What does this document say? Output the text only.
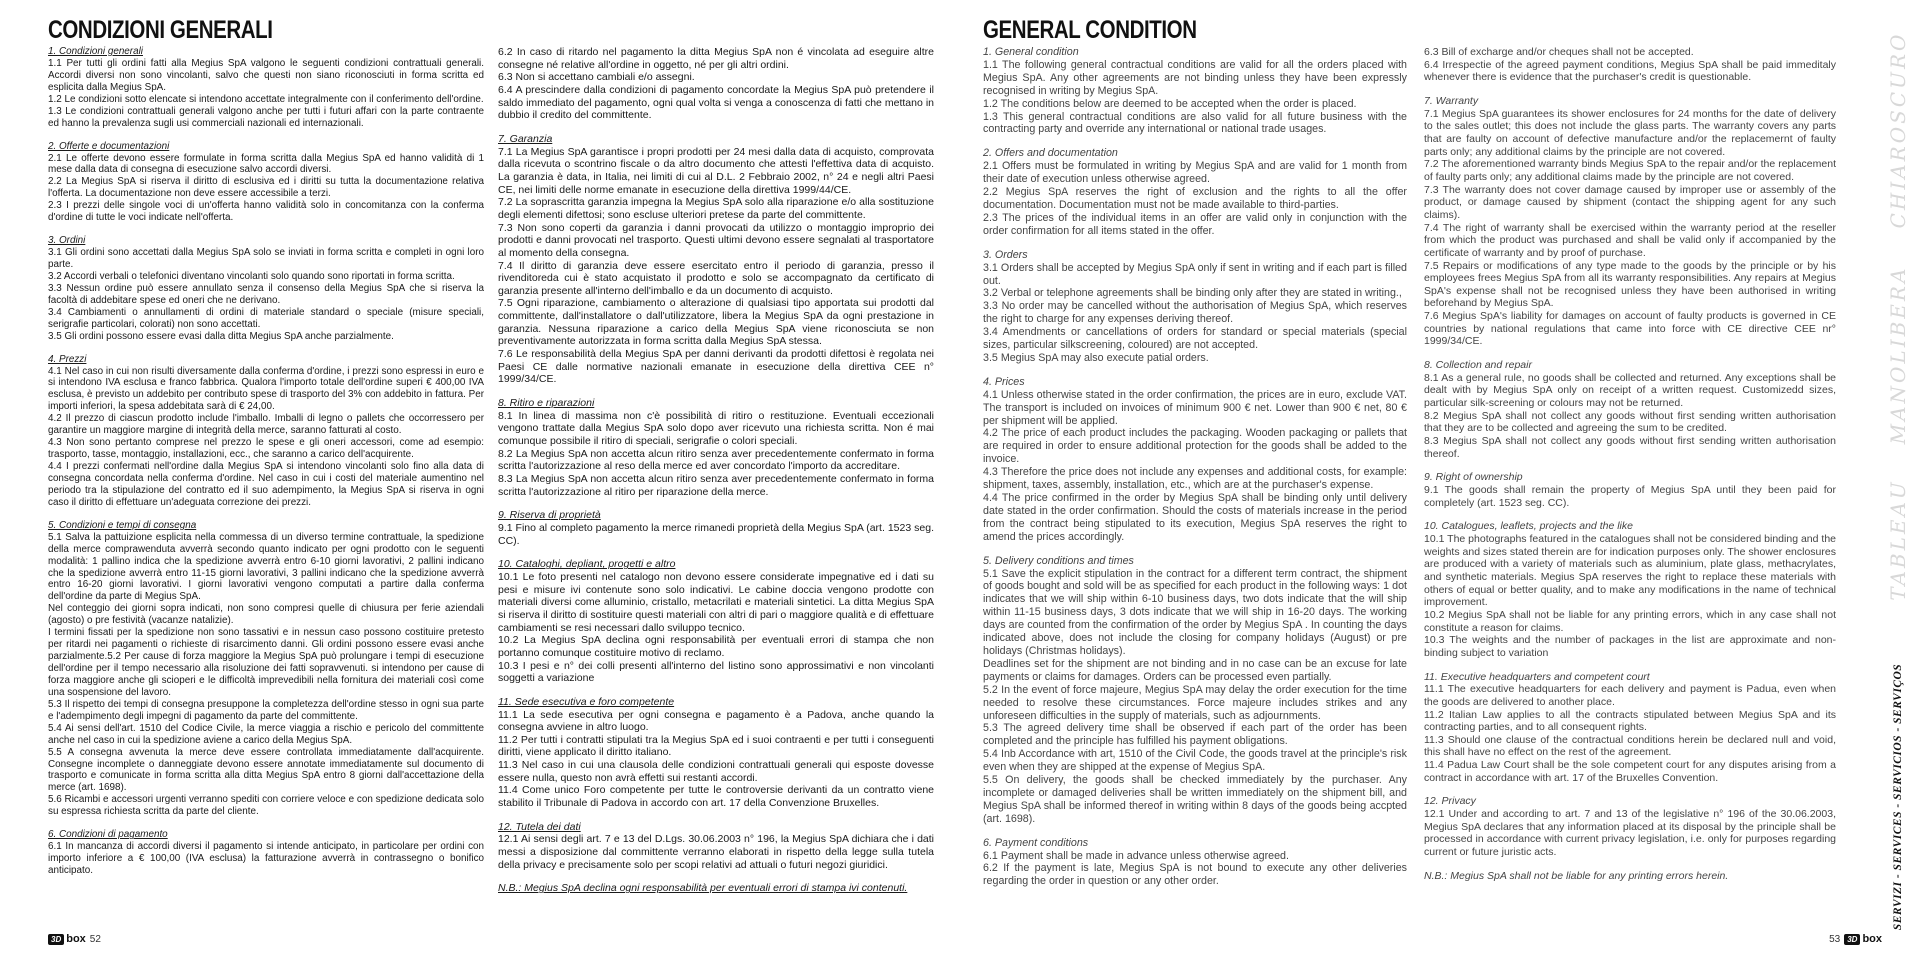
CONDIZIONI GENERALI
1. Condizioni generali
1.1 Per tutti gli ordini fatti alla Megius SpA valgono le seguenti condizioni contrattuali generali. Accordi diversi non sono vincolanti, salvo che questi non siano riconosciuti in forma scritta ed esplicita dalla Megius SpA.
1.2 Le condizioni sotto elencate si intendono accettate integralmente con il conferimento dell'ordine.
1.3 Le condizioni contrattuali generali valgono anche per tutti i futuri affari con la parte contraente ed hanno la prevalenza sugli usi commerciali nazionali ed internazionali.
2. Offerte e documentazioni
2.1 Le offerte devono essere formulate in forma scritta dalla Megius SpA ed hanno validità di 1 mese dalla data di consegna di esecuzione salvo accordi diversi.
2.2 La Megius SpA si riserva il diritto di esclusiva ed i diritti su tutta la documentazione relativa l'offerta. La documentazione non deve essere accessibile a terzi.
2.3 I prezzi delle singole voci di un'offerta hanno validità solo in concomitanza con la conferma d'ordine di tutte le voci indicate nell'offerta.
3. Ordini
3.1 Gli ordini sono accettati dalla Megius SpA solo se inviati in forma scritta e completi in ogni loro parte.
3.2 Accordi verbali o telefonici diventano vincolanti solo quando sono riportati in forma scritta.
3.3 Nessun ordine può essere annullato senza il consenso della Megius SpA che si riserva la facoltà di addebitare spese ed oneri che ne derivano.
3.4 Cambiamenti o annullamenti di ordini di materiale standard o speciale (misure speciali, serigrafie particolari, colorati) non sono accettati.
3.5 Gli ordini possono essere evasi dalla ditta Megius SpA anche parzialmente.
4. Prezzi
4.1 Nel caso in cui non risulti diversamente dalla conferma d'ordine, i prezzi sono espressi in euro e si intendono IVA esclusa e franco fabbrica. Qualora l'importo totale dell'ordine superi € 400,00 IVA esclusa, è previsto un addebito per contributo spese di trasporto del 3% con addebito in fattura. Per importi inferiori, la spesa addebitata sarà di € 24,00.
4.2 Il prezzo di ciascun prodotto include l'imballo. Imballi di legno o pallets che occorressero per garantire un maggiore margine di integrità della merce, saranno fatturati al costo.
4.3 Non sono pertanto comprese nel prezzo le spese e gli oneri accessori, come ad esempio: trasporto, tasse, montaggio, installazioni, ecc., che saranno a carico dell'acquirente.
4.4 I prezzi confermati nell'ordine dalla Megius SpA si intendono vincolanti solo fino alla data di consegna concordata nella conferma d'ordine. Nel caso in cui i costi del materiale aumentino nel periodo tra la stipulazione del contratto ed il suo adempimento, la Megius SpA si riserva in ogni caso il diritto di effettuare un'adeguata correzione dei prezzi.
5. Condizioni e tempi di consegna
5.1 Salva la pattuizione esplicita nella commessa di un diverso termine contrattuale, la spedizione della merce comprawenduta avverrà secondo quanto indicato per ogni prodotto con le seguenti modalità: 1 pallino indica che la spedizione avverrà entro 6-10 giorni lavorativi, 2 pallini indicano che la spedizione avverrà entro 11-15 giorni lavorativi, 3 pallini indicano che la spedizione avverrà entro 16-20 giorni lavorativi. I giorni lavorativi vengono computati a partire dalla conferma dell'ordine da parte di Megius SpA.
Nel conteggio dei giorni sopra indicati, non sono compresi quelle di chiusura per ferie aziendali (agosto) o pre festività (vacanze natalizie).
I termini fissati per la spedizione non sono tassativi e in nessun caso possono costituire pretesto per ritardi nei pagamenti o richieste di risarcimento danni. Gli ordini possono essere evasi anche parzialmente.5.2 Per cause di forza maggiore la Megius SpA può prolungare i tempi di esecuzione dell'ordine per il tempo necessario alla risoluzione dei fatti sopravvenuti. si intendono per cause di forza maggiore anche gli scioperi e le difficoltà imprevedibili nella fornitura dei materiali così come una sospensione del lavoro.
5.3 Il rispetto dei tempi di consegna presuppone la completezza dell'ordine stesso in ogni sua parte e l'adempimento degli impegni di pagamento da parte del committente.
5.4 Ai sensi dell'art. 1510 del Codice Civile, la merce viaggia a rischio e pericolo del committente anche nel caso in cui la spedizione aviene a carico della Megius SpA.
5.5 A consegna avvenuta la merce deve essere controllata immediatamente dall'acquirente. Consegne incomplete o danneggiate devono essere annotate immediatamente sul documento di trasporto e comunicate in forma scritta alla ditta Megius SpA entro 8 giorni dall'accettazione della merce (art. 1698).
5.6 Ricambi e accessori urgenti verranno spediti con corriere veloce e con spedizione dedicata solo su espressa richiesta scritta da parte del cliente.
6. Condizioni di pagamento
6.1 In mancanza di accordi diversi il pagamento si intende anticipato, in particolare per ordini con importo inferiore a € 100,00 (IVA esclusa) la fatturazione avverrà in contrassegno o bonifico anticipato.
6.2 In caso di ritardo nel pagamento la ditta Megius SpA non é vincolata ad eseguire altre consegne né relative all'ordine in oggetto, né per gli altri ordini.
6.3 Non si accettano cambiali e/o assegni.
6.4 A prescindere dalla condizioni di pagamento concordate la Megius SpA può pretendere il saldo immediato del pagamento, ogni qual volta si venga a conoscenza di fatti che mettano in dubbio il credito del committente.
7. Garanzia
7.1 La Megius SpA garantisce i propri prodotti per 24 mesi dalla data di acquisto, comprovata dalla ricevuta o scontrino fiscale o da altro documento che attesti l'effettiva data di acquisto. La garanzia è data, in Italia, nei limiti di cui al D.L. 2 Febbraio 2002, n° 24 e negli altri Paesi CE, nei limiti delle norme emanate in esecuzione della direttiva 1999/44/CE.
7.2 La soprascritta garanzia impegna la Megius SpA solo alla riparazione e/o alla sostituzione degli elementi difettosi; sono escluse ulteriori pretese da parte del committente.
7.3 Non sono coperti da garanzia i danni provocati da utilizzo o montaggio improprio dei prodotti e danni provocati nel trasporto. Questi ultimi devono essere segnalati al trasportatore al momento della consegna.
7.4 Il diritto di garanzia deve essere esercitato entro il periodo di garanzia, presso il rivenditoreda cui è stato acquistato il prodotto e solo se accompagnato da certificato di garanzia presente all'interno dell'imballo e da un documento di acquisto.
7.5 Ogni riparazione, cambiamento o alterazione di qualsiasi tipo apportata sui prodotti dal committente, dall'installatore o dall'utilizzatore, libera la Megius SpA da ogni prestazione in garanzia. Nessuna riparazione a carico della Megius SpA viene riconosciuta se non preventivamente autorizzata in forma scritta dalla Megius SpA stessa.
7.6 Le responsabilità della Megius SpA per danni derivanti da prodotti difettosi è regolata nei Paesi CE dalle normative nazionali emanate in esecuzione della direttiva CEE n° 1999/34/CE.
8. Ritiro e riparazioni
8.1 In linea di massima non c'è possibilità di ritiro o restituzione. Eventuali eccezionali vengono trattate dalla Megius SpA solo dopo aver ricevuto una richiesta scritta. Non é mai comunque possibile il ritiro di speciali, serigrafie o colori speciali.
8.2 La Megius SpA non accetta alcun ritiro senza aver precedentemente confermato in forma scritta l'autorizzazione al reso della merce ed aver concordato l'importo da accreditare.
8.3 La Megius SpA non accetta alcun ritiro senza aver precedentemente confermato in forma scritta l'autorizzazione al ritiro per riparazione della merce.
9. Riserva di proprietà
9.1 Fino al completo pagamento la merce rimanedi proprietà della Megius SpA (art. 1523 seg. CC).
10. Cataloghi, depliant, progetti e altro
10.1 Le foto presenti nel catalogo non devono essere considerate impegnative ed i dati su pesi e misure ivi contenute sono solo indicativi. Le cabine doccia vengono prodotte con materiali diversi come alluminio, cristallo, metacrilati e materiali sintetici. La ditta Megius SpA si riserva il diritto di sostituire questi materiali con altri di pari o maggiore qualità e di effettuare cambiamenti se resi necessari dallo sviluppo tecnico.
10.2 La Megius SpA declina ogni responsabilità per eventuali errori di stampa che non portanno comunque costituire motivo di reclamo.
10.3 I pesi e n° dei colli presenti all'interno del listino sono approssimativi e non vincolanti soggetti a variazione
11. Sede esecutiva e foro competente
11.1 La sede esecutiva per ogni consegna e pagamento è a Padova, anche quando la consegna avviene in altro luogo.
11.2 Per tutti i contratti stipulati tra la Megius SpA ed i suoi contraenti e per tutti i conseguenti diritti, viene applicato il diritto italiano.
11.3 Nel caso in cui una clausola delle condizioni contrattuali generali qui esposte dovesse essere nulla, questo non avrà effetti sui restanti accordi.
11.4 Come unico Foro competente per tutte le controversie derivanti da un contratto viene stabilito il Tribunale di Padova in accordo con art. 17 della Convenzione Bruxelles.
12. Tutela dei dati
12.1 Ai sensi degli art. 7 e 13 del D.Lgs. 30.06.2003 n° 196, la Megius SpA dichiara che i dati messi a disposizione dal committente verranno elaborati in rispetto della legge sulla tutela della privacy e precisamente solo per scopi relativi ad attuali o futuri negozi giuridici.
N.B.: Megius SpA declina ogni responsabilità per eventuali errori di stampa ivi contenuti.
3D box 52
GENERAL CONDITION
1. General condition
1.1 The following general contractual conditions are valid for all the orders placed with Megius SpA. Any other agreements are not binding unless they have been expressly recognised in writing by Megius SpA.
1.2 The conditions below are deemed to be accepted when the order is placed.
1.3 This general contractual conditions are also valid for all future business with the contracting party and override any international or national trade usages.
2. Offers and documentation
2.1 Offers must be formulated in writing by Megius SpA and are valid for 1 month from their date of execution unless otherwise agreed.
2.2 Megius SpA reserves the right of exclusion and the rights to all the offer documentation. Documentation must not be made available to third-parties.
2.3 The prices of the individual items in an offer are valid only in conjunction with the order confirmation for all items stated in the offer.
3. Orders
3.1 Orders shall be accepted by Megius SpA only if sent in writing and if each part is filled out.
3.2 Verbal or telephone agreements shall be binding only after they are stated in writing.,
3.3 No order may be cancelled without the authorisation of Megius SpA, which reserves the right to charge for any expenses deriving thereof.
3.4 Amendments or cancellations of orders for standard or special materials (special sizes, particular silkscreening, coloured) are not accepted.
3.5 Megius SpA may also execute patial orders.
4. Prices
4.1 Unless otherwise stated in the order confirmation, the prices are in euro, exclude VAT. The transport is included on invoices of minimum 900 € net. Lower than 900 € net, 80 € per shipment will be applied.
4.2 The price of each product includes the packaging. Wooden packaging or pallets that are required in order to ensure additional protection for the goods shall be added to the invoice.
4.3 Therefore the price does not include any expenses and additional costs, for example: shipment, taxes, assembly, installation, etc., which are at the purchaser's expense.
4.4 The price confirmed in the order by Megius SpA shall be binding only until delivery date stated in the order confirmation. Should the costs of materials increase in the period from the contract being stipulated to its execution, Megius SpA reserves the right to amend the prices accordingly.
5. Delivery conditions and times
5.1 Save the explicit stipulation in the contract for a different term contract, the shipment of goods bought and sold will be as specified for each product in the following ways: 1 dot indicates that we will ship within 6-10 business days, two dots indicate that the will ship within 11-15 business days, 3 dots indicate that we will ship in 16-20 days. The working days are counted from the confirmation of the order by Megius SpA . In counting the days indicated above, does not include the closing for company holidays (August) or pre holidays (Christmas holidays).
Deadlines set for the shipment are not binding and in no case can be an excuse for late payments or claims for damages. Orders can be processed even partially.
5.2 In the event of force majeure, Megius SpA may delay the order execution for the time needed to resolve these circumstances. Force majeure includes strikes and any unforeseen difficulties in the supply of materials, such as adjournments.
5.3 The agreed delivery time shall be observed if each part of the order has been completed and the principle has fulfilled his payment obligations.
5.4 Inb Accordance with art, 1510 of the Civil Code, the goods travel at the principle's risk even when they are shipped at the expense of Megius SpA.
5.5 On delivery, the goods shall be checked immediately by the purchaser. Any incomplete or damaged deliveries shall be written immediately on the shipment bill, and Megius SpA shall be informed thereof in writing within 8 days of the goods being accpted (art. 1698).
6. Payment conditions
6.1 Payment shall be made in advance unless otherwise agreed.
6.2 If the payment is late, Megius SpA is not bound to execute any other deliveries regarding the order in question or any other order.
6.3 Bill of excharge and/or cheques shall not be accepted.
6.4 Irrespectie of the agreed payment conditions, Megius SpA shall be paid immeditaly whenever there is evidence that the purchaser's credit is questionable.
7. Warranty
7.1 Megius SpA guarantees its shower enclosures for 24 months for the date of delivery to the sales outlet; this does not include the glass parts. The warranty covers any parts that are faulty on account of defective manufacture and/or the replacemernt of faulty parts only; any additional claims by the principle are not covered.
7.2 The aforementioned warranty binds Megius SpA to the repair and/or the replacement of faulty parts only; any additional claims made by the principle are not covered.
7.3 The warranty does not cover damage caused by improper use or assembly of the product, or damage caused by shipment (contact the shipping agent for any such claims).
7.4 The right of warranty shall be exercised within the warranty period at the reseller from which the product was purchased and shall be valid only if accompanied by the certificate of warranty and by proof of purchase.
7.5 Repairs or modifications of any type made to the goods by the principle or by his employees frees Megius SpA from all its warranty responsibilities. Any repairs at Megius SpA's expense shall not be recognised unless they have been authorised in writing beforehand by Megius SpA.
7.6 Megius SpA's liability for damages on account of faulty products is governed in CE countries by national regulations that came into force with CE directive CEE nr° 1999/34/CE.
8. Collection and repair
8.1 As a general rule, no goods shall be collected and returned. Any exceptions shall be dealt with by Megius SpA only on receipt of a written request. Customizedd sizes, particular silk-screening or colours may not be returned.
8.2 Megius SpA shall not collect any goods without first sending written authorisation that they are to be collected and agreeing the sum to be credited.
8.3 Megius SpA shall not collect any goods without first sending written authorisation thereof.
9. Right of ownership
9.1 The goods shall remain the property of Megius SpA until they been paid for completely (art. 1523 seg. CC).
10. Catalogues, leaflets, projects and the like
10.1 The photographs featured in the catalogues shall not be considered binding and the weights and sizes stated therein are for indication purposes only. The shower enclosures are produced with a variety of materials such as aluminium, plate glass, methacrylates, and synthetic materials. Megius SpA reserves the right to replace these materials with others of equal or better quality, and to make any modifications in the name of technical improvement.
10.2 Megius SpA shall not be liable for any printing errors, which in any case shall not constitute a reason for claims.
10.3 The weights and the number of packages in the list are approximate and non-binding subject to variation
11. Executive headquarters and competent court
11.1 The executive headquarters for each delivery and payment is Padua, even when the goods are delivered to another place.
11.2 Italian Law applies to all the contracts stipulated between Megius SpA and its contracting parties, and to all consequent rights.
11.3 Should one clause of the contractual conditions herein be declared null and void, this shall have no effect on the rest of the agreement.
11.4 Padua Law Court shall be the sole competent court for any disputes arising from a contract in accordance with art. 17 of the Bruxelles Convention.
12. Privacy
12.1 Under and according to art. 7 and 13 of the legislative n° 196 of the 30.06.2003, Megius SpA declares that any information placed at its disposal by the principle shall be processed in accordance with current privacy legislation, i.e. only for purposes regarding current or future juristic acts.
N.B.: Megius SpA shall not be liable for any printing errors herein.
53 3D box
CHIAROSCURO
MANOLIBERA
TABLEAU
SERVIZI - SERVICES - SERVICIOS - SERVIÇOS
